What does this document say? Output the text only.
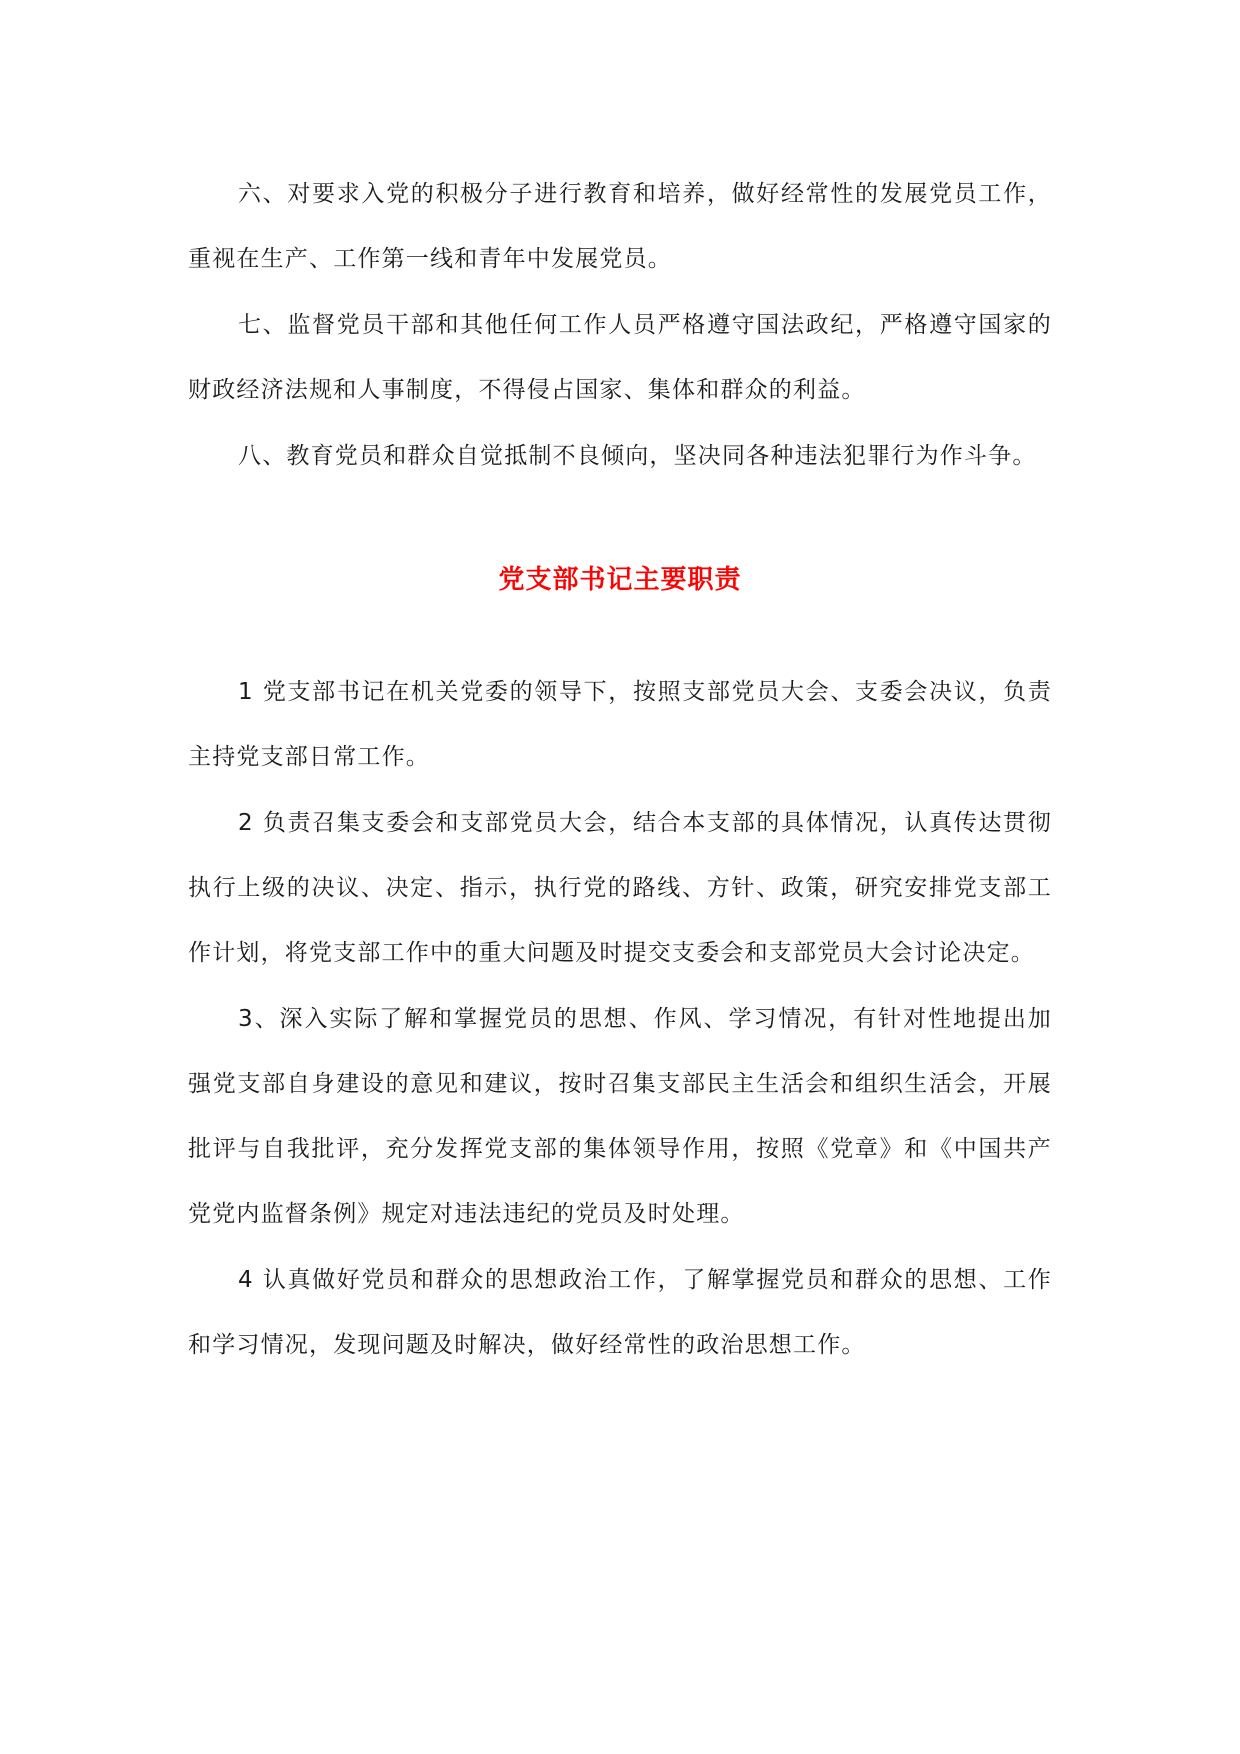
六、对要求入党的积极分子进行教育和培养，做好经常性的发展党员工作，重视在生产、工作第一线和青年中发展党员。

七、监督党员干部和其他任何工作人员严格遵守国法政纪，严格遵守国家的财政经济法规和人事制度，不得侵占国家、集体和群众的利益。

八、教育党员和群众自觉抵制不良倾向，坚决同各种违法犯罪行为作斗争。

党支部书记主要职责

1 党支部书记在机关党委的领导下，按照支部党员大会、支委会决议，负责主持党支部日常工作。

2 负责召集支委会和支部党员大会，结合本支部的具体情况，认真传达贯彻执行上级的决议、决定、指示，执行党的路线、方针、政策，研究安排党支部工作计划，将党支部工作中的重大问题及时提交支委会和支部党员大会讨论决定。

3、深入实际了解和掌握党员的思想、作风、学习情况，有针对性地提出加强党支部自身建设的意见和建议，按时召集支部民主生活会和组织生活会，开展批评与自我批评，充分发挥党支部的集体领导作用，按照《党章》和《中国共产党党内监督条例》规定对违法违纪的党员及时处理。

4 认真做好党员和群众的思想政治工作，了解掌握党员和群众的思想、工作和学习情况，发现问题及时解决，做好经常性的政治思想工作。
